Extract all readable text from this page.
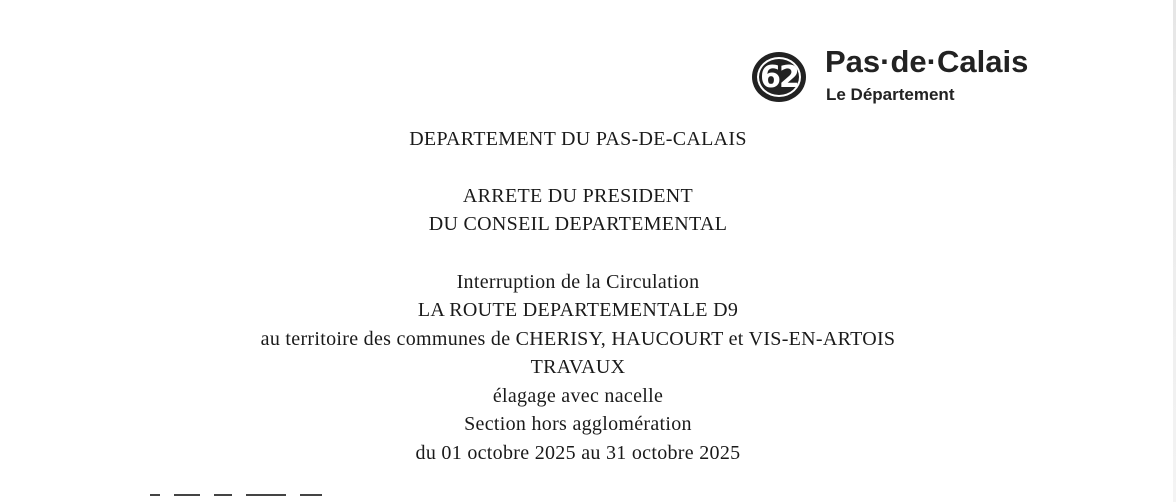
62 Pas·de·Calais
Le Département
DEPARTEMENT DU PAS-DE-CALAIS
ARRETE DU PRESIDENT
DU CONSEIL DEPARTEMENTAL
Interruption de la Circulation
LA ROUTE DEPARTEMENTALE D9
au territoire des communes de CHERISY, HAUCOURT et VIS-EN-ARTOIS
TRAVAUX
élagage avec nacelle
Section hors agglomération
du 01 octobre 2025 au 31 octobre 2025
